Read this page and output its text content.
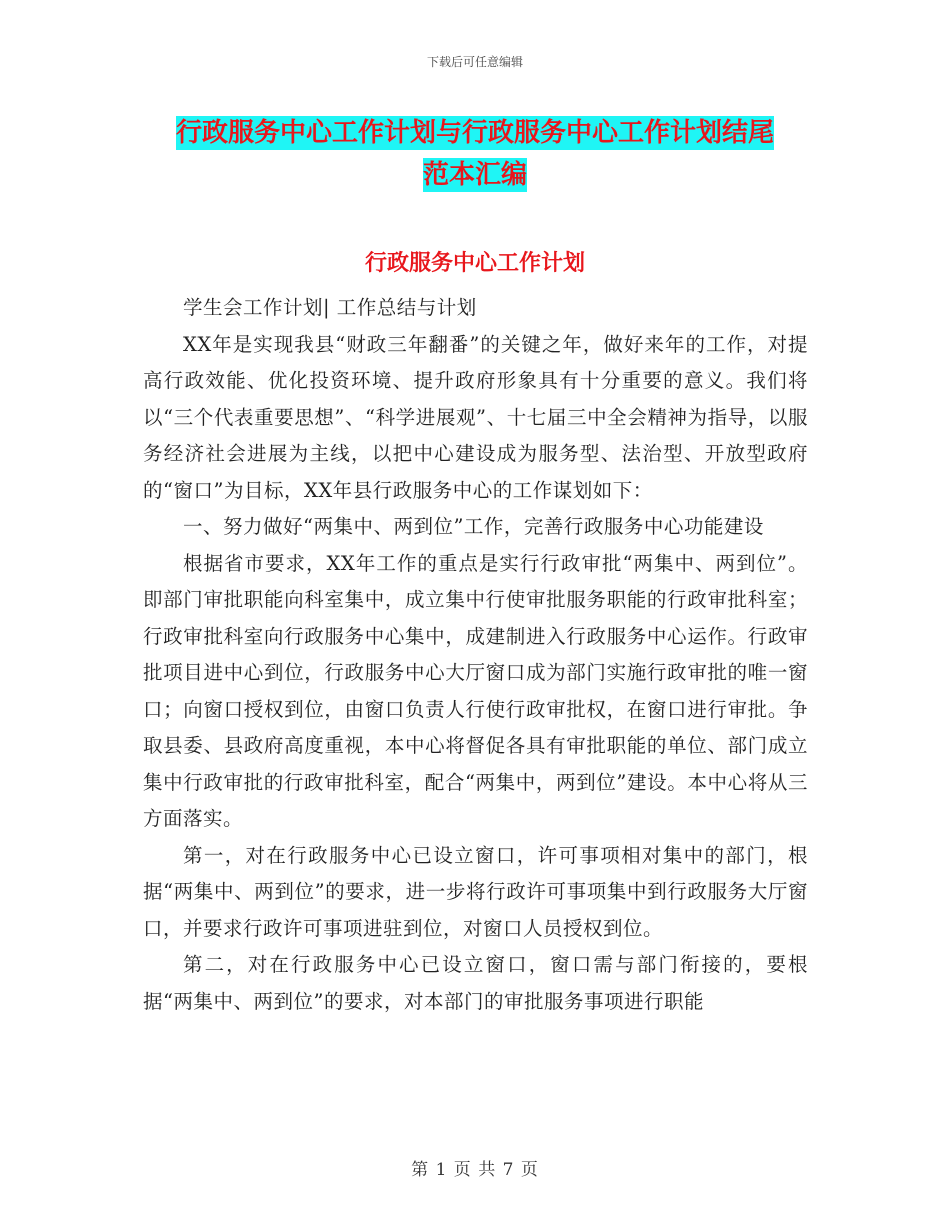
下载后可任意编辑
行政服务中心工作计划与行政服务中心工作计划结尾
范本汇编
行政服务中心工作计划

学生会工作计划| 工作总结与计划

XX年是实现我县“财政三年翻番”的关键之年，做好来年的工作，对提高行政效能、优化投资环境、提升政府形象具有十分重要的意义。我们将以“三个代表重要思想”、“科学进展观”、十七届三中全会精神为指导，以服务经济社会进展为主线，以把中心建设成为服务型、法治型、开放型政府的“窗口”为目标，XX年县行政服务中心的工作谋划如下：

一、努力做好“两集中、两到位”工作，完善行政服务中心功能建设

根据省市要求，XX年工作的重点是实行行政审批“两集中、两到位”。即部门审批职能向科室集中，成立集中行使审批服务职能的行政审批科室；行政审批科室向行政服务中心集中，成建制进入行政服务中心运作。行政审批项目进中心到位，行政服务中心大厅窗口成为部门实施行政审批的唯一窗口；向窗口授权到位，由窗口负责人行使行政审批权，在窗口进行审批。争取县委、县政府高度重视，本中心将督促各具有审批职能的单位、部门成立集中行政审批的行政审批科室，配合“两集中，两到位”建设。本中心将从三方面落实。

第一，对在行政服务中心已设立窗口，许可事项相对集中的部门，根据“两集中、两到位”的要求，进一步将行政许可事项集中到行政服务大厅窗口，并要求行政许可事项进驻到位，对窗口人员授权到位。

第二，对在行政服务中心已设立窗口，窗口需与部门衔接的，要根据“两集中、两到位”的要求，对本部门的审批服务事项进行职能

第 1 页 共 7 页
